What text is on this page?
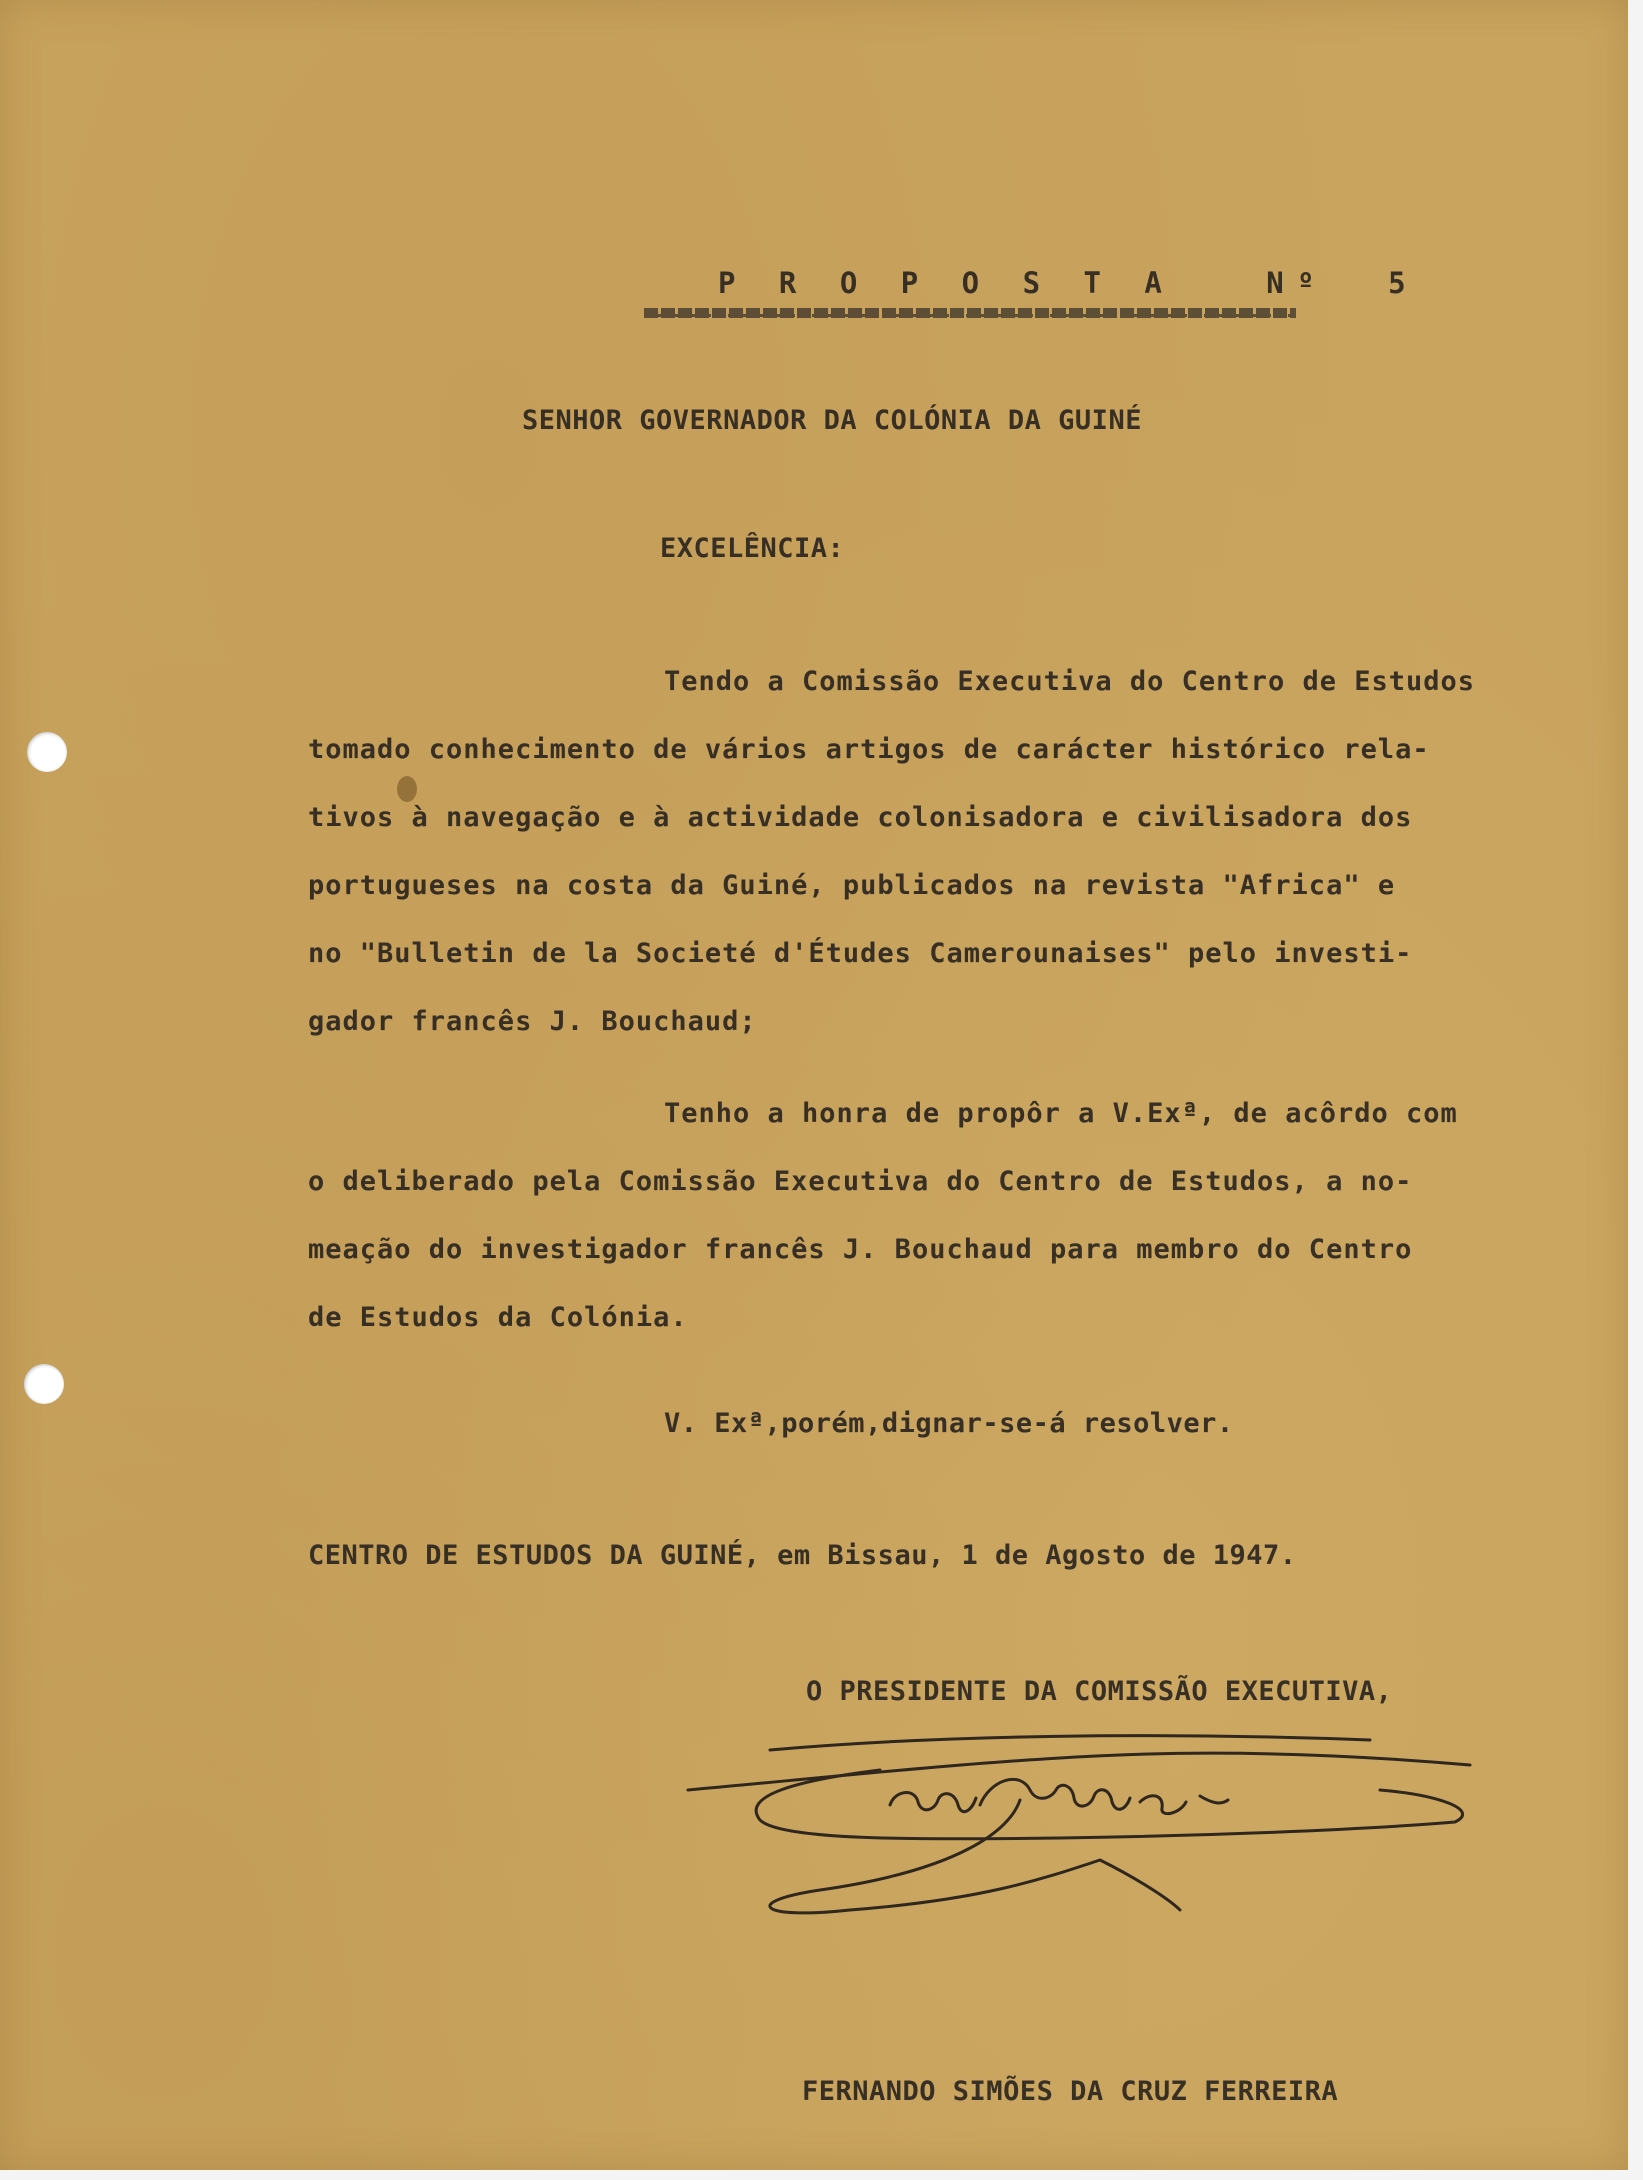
P R O P O S T A   Nº  5
SENHOR GOVERNADOR DA COLÓNIA DA GUINÉ
EXCELÊNCIA:
Tendo a Comissão Executiva do Centro de Estudos
tomado conhecimento de vários artigos de carácter histórico rela-
tivos à navegação e à actividade colonisadora e civilisadora dos
portugueses na costa da Guiné, publicados na revista "Africa" e
no "Bulletin de la Societé d'Études Camerounaises" pelo investi-
gador francês J. Bouchaud;
Tenho a honra de propôr a V.Exª, de acôrdo com
o deliberado pela Comissão Executiva do Centro de Estudos, a no-
meação do investigador francês J. Bouchaud para membro do Centro
de Estudos da Colónia.
V. Exª,porém,dignar-se-á resolver.
CENTRO DE ESTUDOS DA GUINÉ, em Bissau, 1 de Agosto de 1947.
O PRESIDENTE DA COMISSÃO EXECUTIVA,
FERNANDO SIMÕES DA CRUZ FERREIRA
